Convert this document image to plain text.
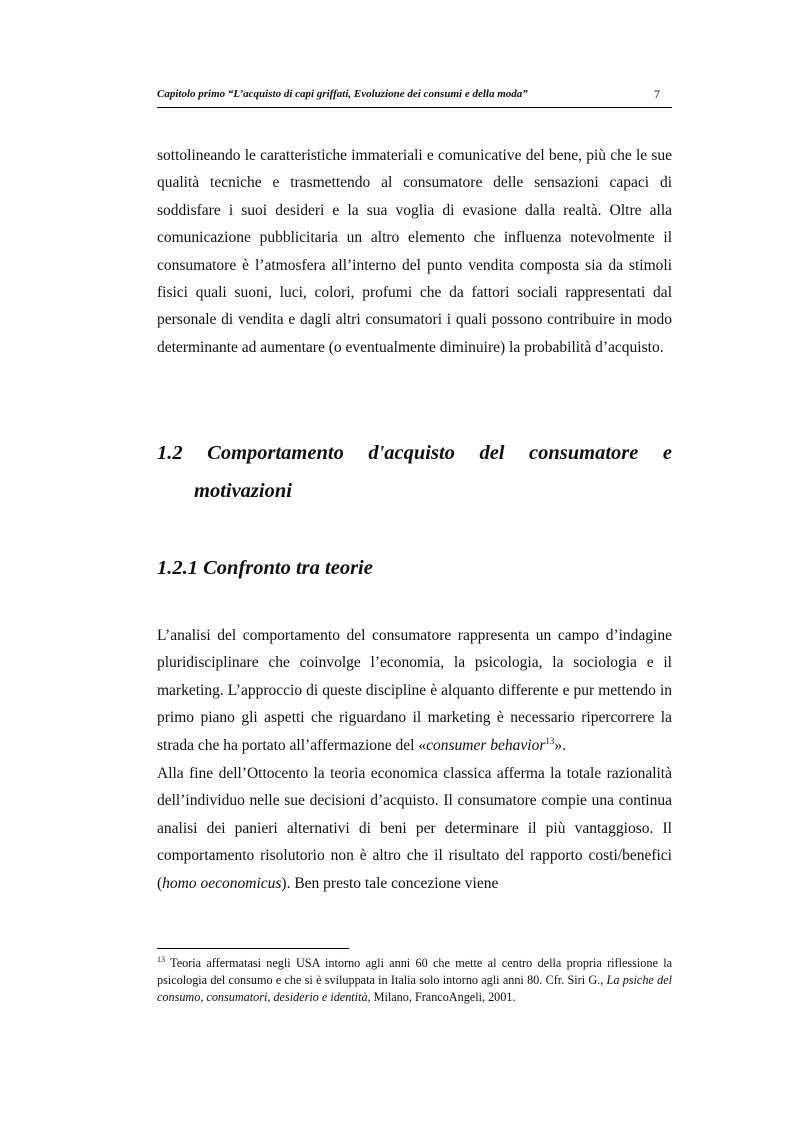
Capitolo primo “L’acquisto di capi griffati, Evoluzione dei consumi e della moda”	7

sottolineando le caratteristiche immateriali e comunicative del bene, più che le sue qualità tecniche e trasmettendo al consumatore delle sensazioni capaci di soddisfare i suoi desideri e la sua voglia di evasione dalla realtà. Oltre alla comunicazione pubblicitaria un altro elemento che influenza notevolmente il consumatore è l’atmosfera all’interno del punto vendita composta sia da stimoli fisici quali suoni, luci, colori, profumi che da fattori sociali rappresentati dal personale di vendita e dagli altri consumatori i quali possono contribuire in modo determinante ad aumentare (o eventualmente diminuire) la probabilità d’acquisto.

1.2 Comportamento d'acquisto del consumatore e
motivazioni
1.2.1 Confronto tra teorie

L’analisi del comportamento del consumatore rappresenta un campo d’indagine pluridisciplinare che coinvolge l’economia, la psicologia, la sociologia e il marketing. L’approccio di queste discipline è alquanto differente e pur mettendo in primo piano gli aspetti che riguardano il marketing è necessario ripercorrere la strada che ha portato all’affermazione del «consumer behavior$^{13}$».

Alla fine dell’Ottocento la teoria economica classica afferma la totale razionalità dell’individuo nelle sue decisioni d’acquisto. Il consumatore compie una continua analisi dei panieri alternativi di beni per determinare il più vantaggioso. Il comportamento risolutorio non è altro che il risultato del rapporto costi/benefici (homo oeconomicus). Ben presto tale concezione viene

$^{13}$ Teoria affermatasi negli USA intorno agli anni 60 che mette al centro della propria riflessione la psicologia del consumo e che si è sviluppata in Italia solo intorno agli anni 80. Cfr. Siri G., La psiche del consumo, consumatori, desiderio e identità, Milano, FrancoAngeli, 2001.
